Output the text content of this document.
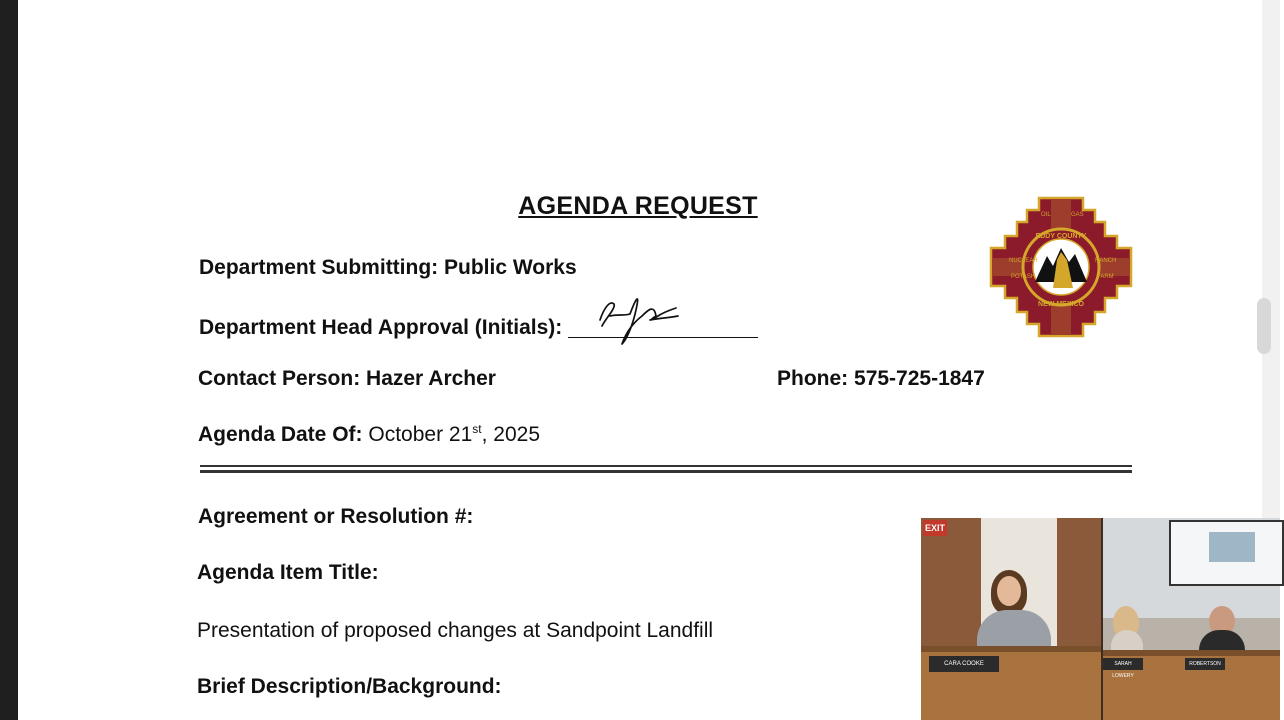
AGENDA REQUEST
Department Submitting: Public Works
Department Head Approval (Initials):
Contact Person: Hazer Archer	Phone: 575-725-1847
Agenda Date Of: October 21st, 2025
Agreement or Resolution #:
Agenda Item Title:
Presentation of proposed changes at Sandpoint Landfill
Brief Description/Background:
EDDY COUNTY
NEW MEXICO
NUCLEAR
POTASH
RANCH
FARM
OIL	GAS
EXIT
CARA COOKE	SARAH LOWERY
ROBERTSON
